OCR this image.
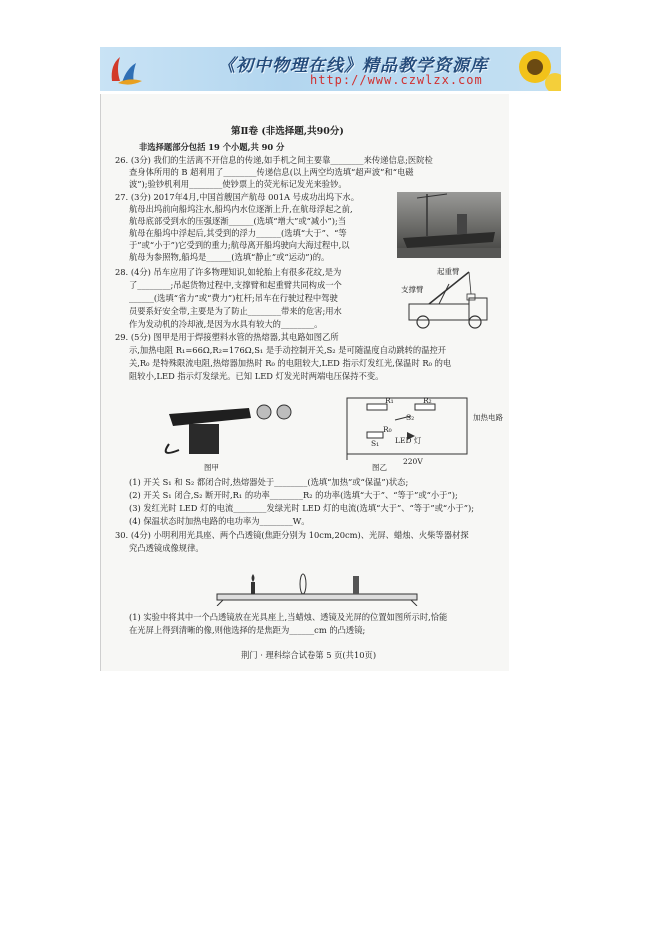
《初中物理在线》精品教学资源库
http://www.czwlzx.com
第Ⅱ卷 (非选择题,共90分)
非选择题部分包括 19 个小题,共 90 分
26. (3分) 我们的生活离不开信息的传递,如手机之间主要靠________来传递信息;医院检
查身体所用的 B 超利用了________传递信息(以上两空均选填“超声波”和“电磁
波”);验钞机利用________使钞票上的荧光标记发光来验钞。
27. (3分) 2017年4月,中国首艘国产航母 001A 号成功出坞下水。
航母出坞前向船坞注水,船坞内水位逐渐上升,在航母浮起之前,
航母底部受到水的压强逐渐______(选填“增大”或“减小”);当
航母在船坞中浮起后,其受到的浮力______(选填“大于”、“等
于”或“小于”)它受到的重力;航母离开船坞驶向大海过程中,以
航母为参照物,船坞是______(选填“静止”或“运动”)的。
28. (4分) 吊车应用了许多物理知识,如轮胎上有很多花纹,是为
了________;吊起货物过程中,支撑臂和起重臂共同构成一个
______(选填“省力”或“费力”)杠杆;吊车在行驶过程中驾驶
员要系好安全带,主要是为了防止________带来的危害;用水
作为发动机的冷却液,是因为水具有较大的________。
起重臂
支撑臂
29. (5分) 图甲是用于焊接塑料水管的热熔器,其电路如图乙所
示,加热电阻 R₁=66Ω,R₂=176Ω,S₁ 是手动控制开关,S₂ 是可随温度自动跳转的温控开
关,R₀ 是特殊限流电阻,热熔器加热时 R₀ 的电阻较大,LED 指示灯发红光,保温时 R₀ 的电
阻较小,LED 指示灯发绿光。已知 LED 灯发光时两端电压保持不变。
R₁	R₂
S₂
S₁
R₀
LED 灯
加热电路
220V
图甲	图乙
(1) 开关 S₁ 和 S₂ 都闭合时,热熔器处于________(选填“加热”或“保温”)状态;
(2) 开关 S₁ 闭合,S₂ 断开时,R₁ 的功率________R₂ 的功率(选填“大于”、“等于”或“小于”);
(3) 发红光时 LED 灯的电流________发绿光时 LED 灯的电流(选填“大于”、“等于”或“小于”);
(4) 保温状态时加热电路的电功率为________W。
30. (4分) 小明利用光具座、两个凸透镜(焦距分别为 10cm,20cm)、光屏、蜡烛、火柴等器材探
究凸透镜成像规律。
(1) 实验中将其中一个凸透镜放在光具座上,当蜡烛、透镜及光屏的位置如图所示时,恰能
在光屏上得到清晰的像,则他选择的是焦距为______cm 的凸透镜;
荆门 · 理科综合试卷第 5 页(共10页)
